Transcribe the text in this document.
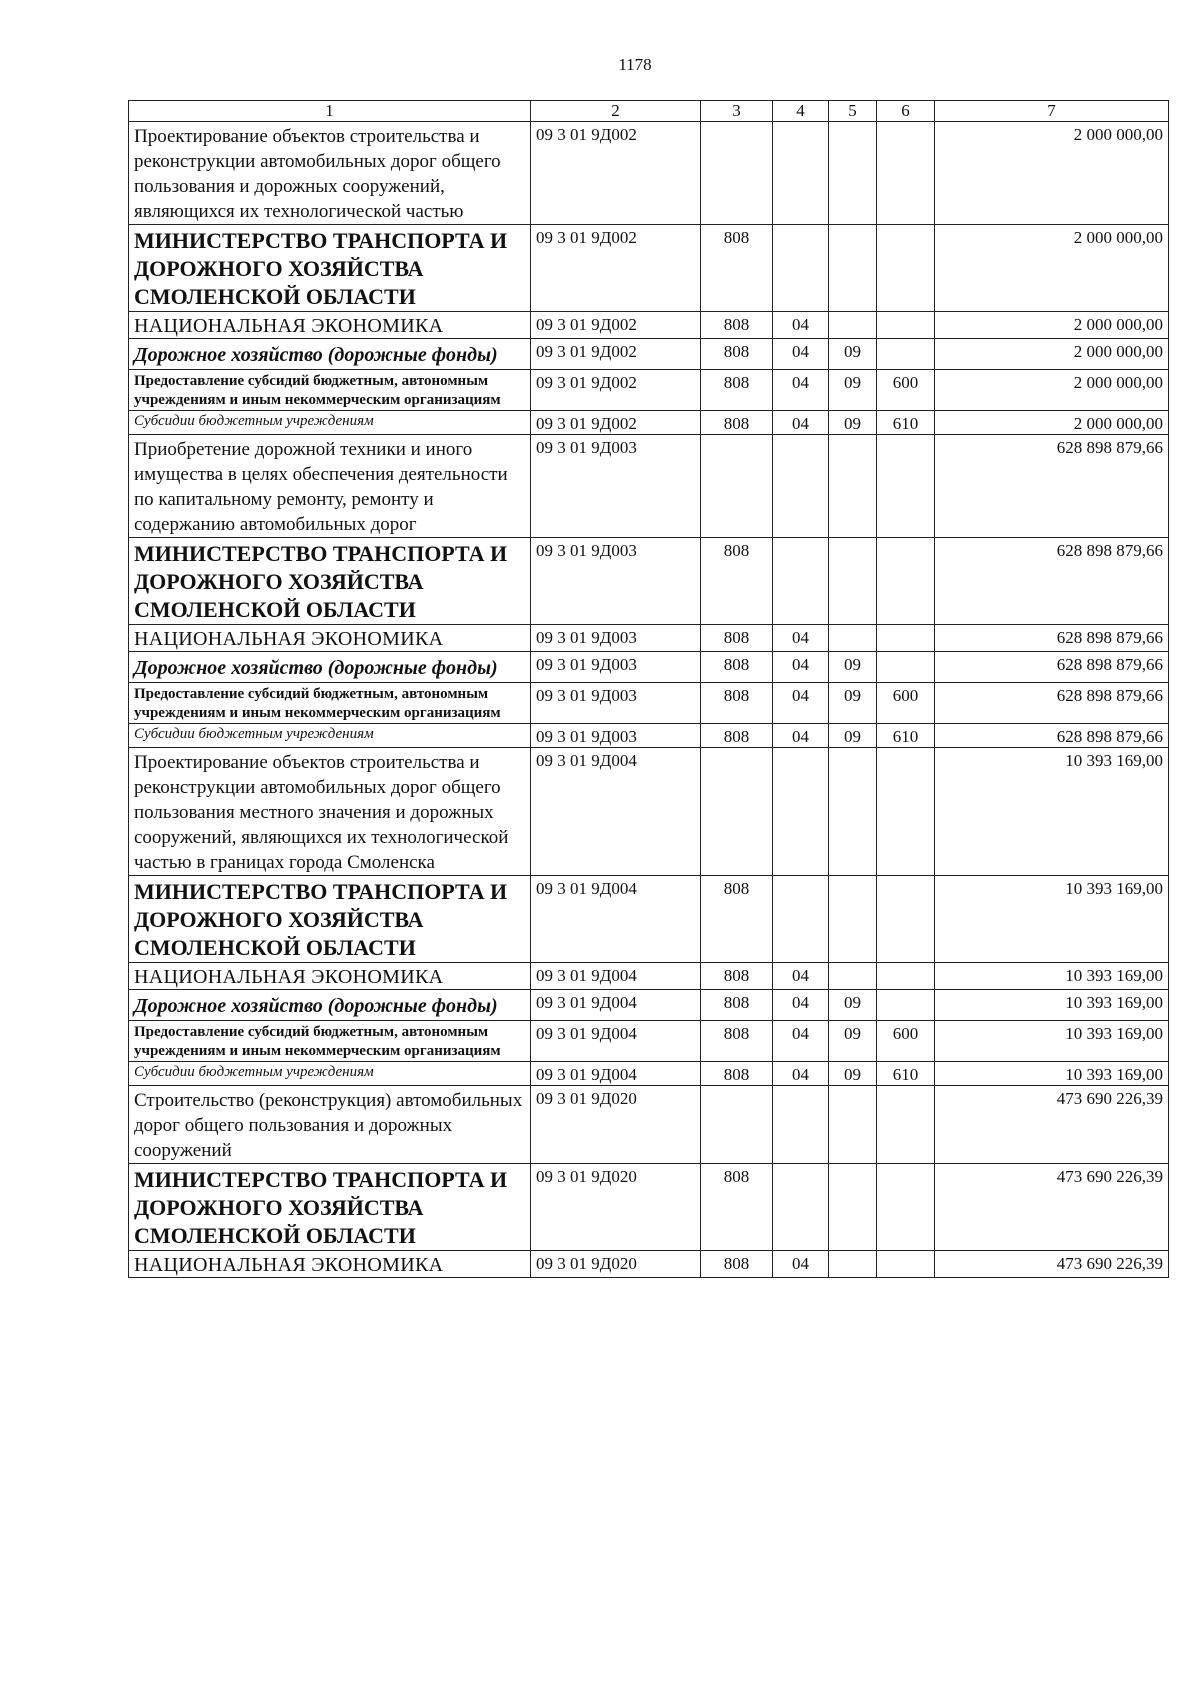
1178
1	2	3	4	5	6	7
Проектирование объектов строительства и реконструкции автомобильных дорог общего пользования и дорожных сооружений, являющихся их технологической частью	09 3 01 9Д002					2 000 000,00
МИНИСТЕРСТВО ТРАНСПОРТА И ДОРОЖНОГО ХОЗЯЙСТВА СМОЛЕНСКОЙ ОБЛАСТИ	09 3 01 9Д002	808				2 000 000,00
НАЦИОНАЛЬНАЯ ЭКОНОМИКА	09 3 01 9Д002	808	04			2 000 000,00
Дорожное хозяйство (дорожные фонды)	09 3 01 9Д002	808	04	09		2 000 000,00
Предоставление субсидий бюджетным, автономным учреждениям и иным некоммерческим организациям	09 3 01 9Д002	808	04	09	600	2 000 000,00
Субсидии бюджетным учреждениям	09 3 01 9Д002	808	04	09	610	2 000 000,00
Приобретение дорожной техники и иного имущества в целях обеспечения деятельности по капитальному ремонту, ремонту и содержанию автомобильных дорог	09 3 01 9Д003					628 898 879,66
МИНИСТЕРСТВО ТРАНСПОРТА И ДОРОЖНОГО ХОЗЯЙСТВА СМОЛЕНСКОЙ ОБЛАСТИ	09 3 01 9Д003	808				628 898 879,66
НАЦИОНАЛЬНАЯ ЭКОНОМИКА	09 3 01 9Д003	808	04			628 898 879,66
Дорожное хозяйство (дорожные фонды)	09 3 01 9Д003	808	04	09		628 898 879,66
Предоставление субсидий бюджетным, автономным учреждениям и иным некоммерческим организациям	09 3 01 9Д003	808	04	09	600	628 898 879,66
Субсидии бюджетным учреждениям	09 3 01 9Д003	808	04	09	610	628 898 879,66
Проектирование объектов строительства и реконструкции автомобильных дорог общего пользования местного значения и дорожных сооружений, являющихся их технологической частью в границах города Смоленска	09 3 01 9Д004					10 393 169,00
МИНИСТЕРСТВО ТРАНСПОРТА И ДОРОЖНОГО ХОЗЯЙСТВА СМОЛЕНСКОЙ ОБЛАСТИ	09 3 01 9Д004	808				10 393 169,00
НАЦИОНАЛЬНАЯ ЭКОНОМИКА	09 3 01 9Д004	808	04			10 393 169,00
Дорожное хозяйство (дорожные фонды)	09 3 01 9Д004	808	04	09		10 393 169,00
Предоставление субсидий бюджетным, автономным учреждениям и иным некоммерческим организациям	09 3 01 9Д004	808	04	09	600	10 393 169,00
Субсидии бюджетным учреждениям	09 3 01 9Д004	808	04	09	610	10 393 169,00
Строительство (реконструкция) автомобильных дорог общего пользования и дорожных сооружений	09 3 01 9Д020					473 690 226,39
МИНИСТЕРСТВО ТРАНСПОРТА И ДОРОЖНОГО ХОЗЯЙСТВА СМОЛЕНСКОЙ ОБЛАСТИ	09 3 01 9Д020	808				473 690 226,39
НАЦИОНАЛЬНАЯ ЭКОНОМИКА	09 3 01 9Д020	808	04			473 690 226,39
